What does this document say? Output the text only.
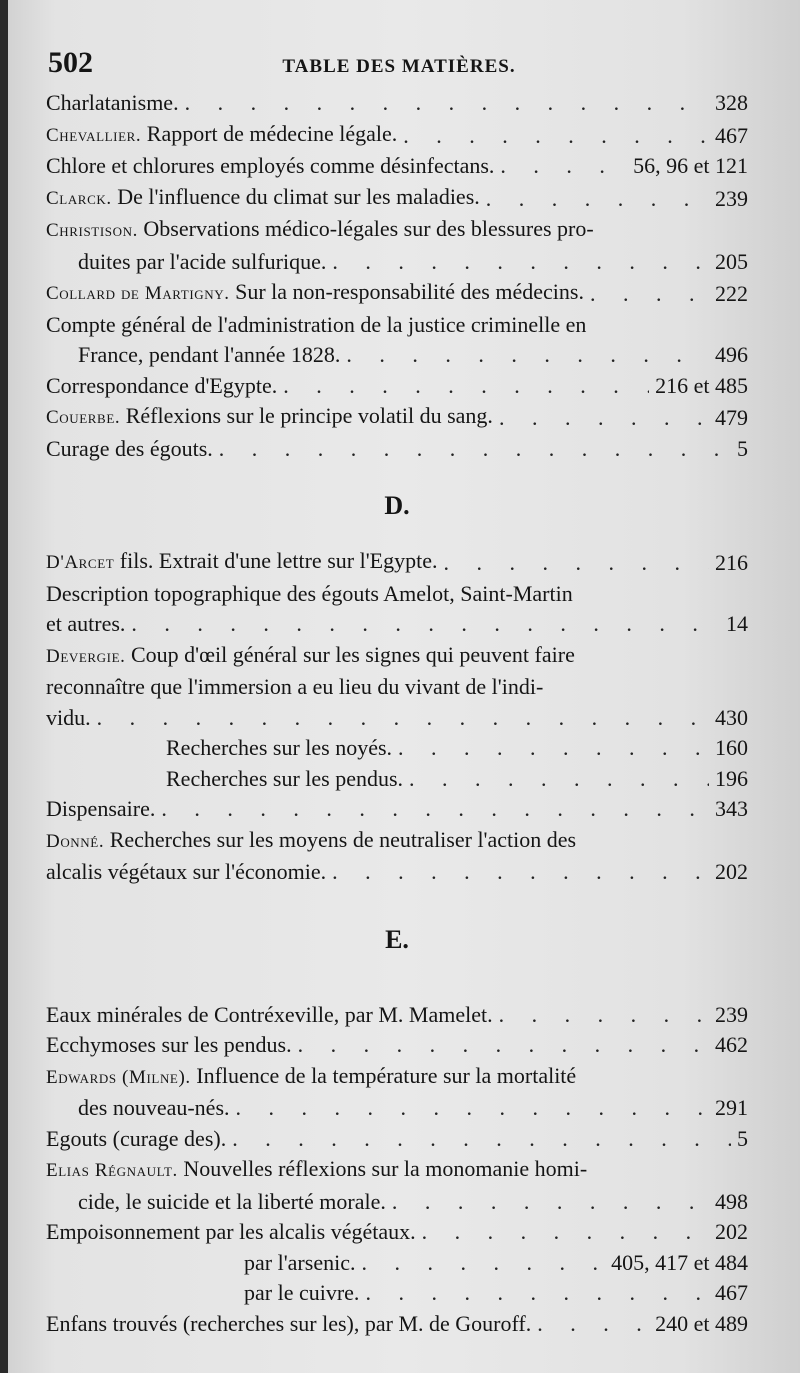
502	TABLE DES MATIÈRES.
Charlatanisme. . . .	328
Chevallier. Rapport de médecine légale. . . .	467
Chlore et chlorures employés comme désinfectans. . . .	56, 96 et 121
Clarck. De l'influence du climat sur les maladies. . . .	239
Christison. Observations médico-légales sur des blessures pro-
duites par l'acide sulfurique. . . .	205
Collard de Martigny. Sur la non-responsabilité des médecins. . . .	222
Compte général de l'administration de la justice criminelle en
France, pendant l'année 1828. . . .	496
Correspondance d'Egypte. . . .	216 et 485
Couerbe. Réflexions sur le principe volatil du sang. . . .	479
Curage des égouts. . . .	5
D.
D'Arcet fils. Extrait d'une lettre sur l'Egypte. . . .	216
Description topographique des égouts Amelot, Saint-Martin
et autres. . . .	14
Devergie. Coup d'œil général sur les signes qui peuvent faire
reconnaître que l'immersion a eu lieu du vivant de l'indi-
vidu. . . .	430
Recherches sur les noyés. . . .	160
Recherches sur les pendus. . . .	196
Dispensaire. . . .	343
Donné. Recherches sur les moyens de neutraliser l'action des
alcalis végétaux sur l'économie. . . .	202
E.
Eaux minérales de Contréxeville, par M. Mamelet. . . .	239
Ecchymoses sur les pendus. . . .	462
Edwards (Milne). Influence de la température sur la mortalité
des nouveau-nés. . . .	291
Egouts (curage des). . . .	5
Elias Régnault. Nouvelles réflexions sur la monomanie homi-
cide, le suicide et la liberté morale. . . .	498
Empoisonnement par les alcalis végétaux. . . .	202
par l'arsenic. . . .	405, 417 et 484
par le cuivre. . . .	467
Enfans trouvés (recherches sur les), par M. de Gouroff. . . .	240 et 489
